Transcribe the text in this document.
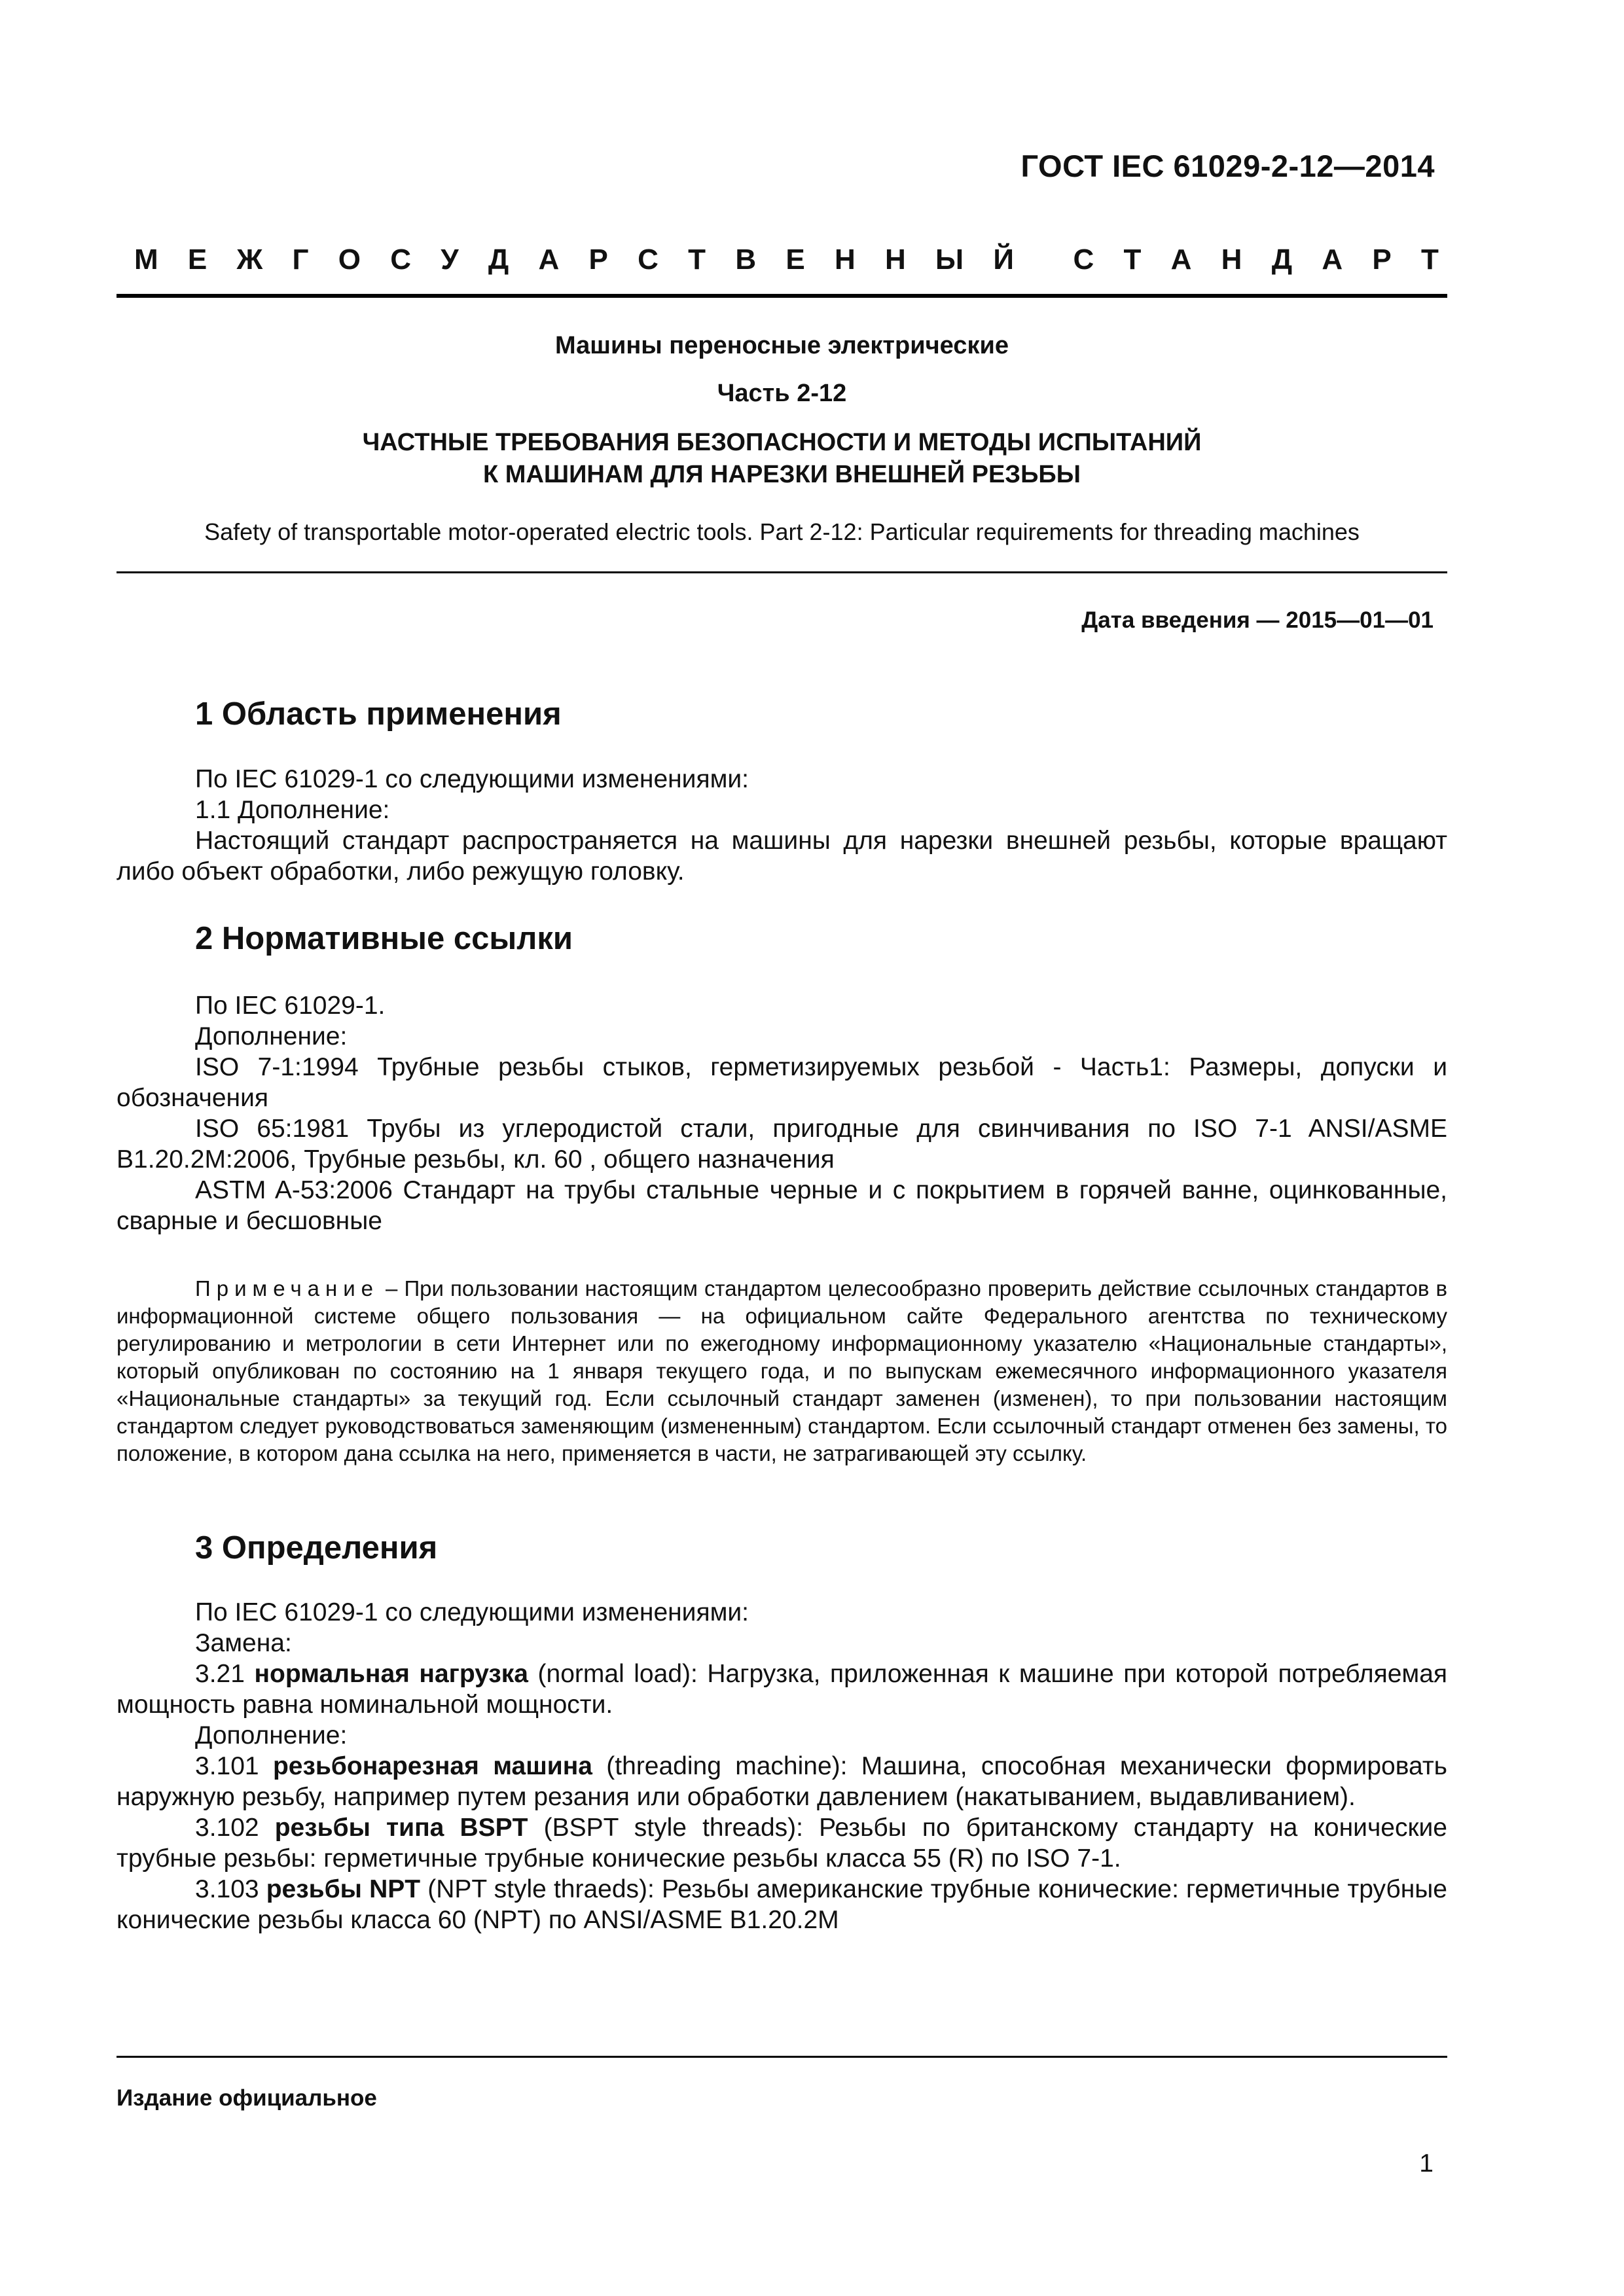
ГОСТ IEC 61029-2-12—2014
М Е Ж Г О С У Д А Р С Т В Е Н Н Ы Й С Т А Н Д А Р Т
Машины переносные электрические
Часть 2-12
ЧАСТНЫЕ ТРЕБОВАНИЯ БЕЗОПАСНОСТИ И МЕТОДЫ ИСПЫТАНИЙ
К МАШИНАМ ДЛЯ НАРЕЗКИ ВНЕШНЕЙ РЕЗЬБЫ
Safety of transportable motor-operated electric tools. Part 2-12: Particular requirements for threading machines
Дата введения — 2015—01—01
1 Область применения

По IEC 61029-1 со следующими изменениями:

1.1 Дополнение:

Настоящий стандарт распространяется на машины для нарезки внешней резьбы, которые вращают либо объект обработки, либо режущую головку.

2 Нормативные ссылки

По IEC 61029-1.

Дополнение:

ISO 7-1:1994 Трубные резьбы стыков, герметизируемых резьбой - Часть1: Размеры, допуски и обозначения

ISO 65:1981 Трубы из углеродистой стали, пригодные для свинчивания по ISO 7-1 ANSI/ASME B1.20.2M:2006, Трубные резьбы, кл. 60 , общего назначения

ASTM A-53:2006 Стандарт на трубы стальные черные и с покрытием в горячей ванне, оцинкованные, сварные и бесшовные

Примечание – При пользовании настоящим стандартом целесообразно проверить действие ссылочных стандартов в информационной системе общего пользования — на официальном сайте Федерального агентства по техническому регулированию и метрологии в сети Интернет или по ежегодному информационному указателю «Национальные стандарты», который опубликован по состоянию на 1 января текущего года, и по выпускам ежемесячного информационного указателя «Национальные стандарты» за текущий год. Если ссылочный стандарт заменен (изменен), то при пользовании настоящим стандартом следует руководствоваться заменяющим (измененным) стандартом. Если ссылочный стандарт отменен без замены, то положение, в котором дана ссылка на него, применяется в части, не затрагивающей эту ссылку.

3 Определения

По IEC 61029-1 со следующими изменениями:

Замена:

3.21 нормальная нагрузка (normal load): Нагрузка, приложенная к машине при которой потребляемая мощность равна номинальной мощности.

Дополнение:

3.101 резьбонарезная машина (threading machine): Машина, способная механически формировать наружную резьбу, например путем резания или обработки давлением (накатыванием, выдавливанием).

3.102 резьбы типа BSPT (BSPT style threads): Резьбы по британскому стандарту на конические трубные резьбы: герметичные трубные конические резьбы класса 55 (R) по ISO 7-1.

3.103 резьбы NPT (NPT style thraeds): Резьбы американские трубные конические: герметичные трубные конические резьбы класса 60 (NPT) по ANSI/ASME B1.20.2M

Издание официальное
1
